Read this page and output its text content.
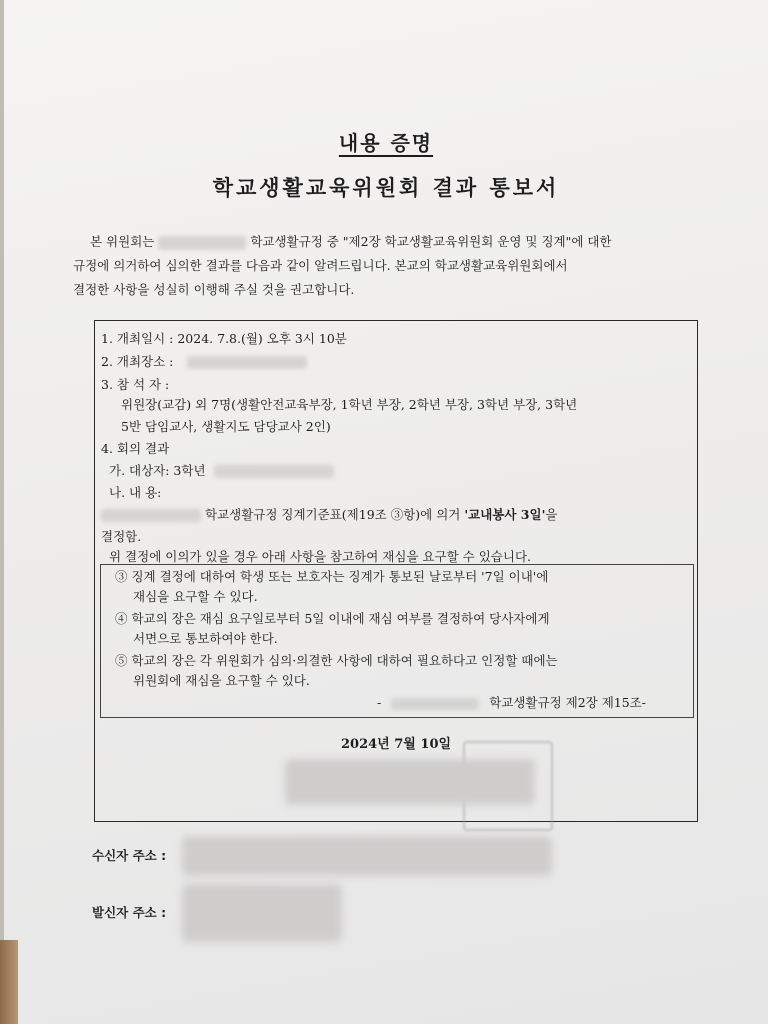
내용 증명
학교생활교육위원회 결과 통보서
본 위원회는	학교생활규정 중 "제2장 학교생활교육위원회 운영 및 징계"에 대한
규정에 의거하여 심의한 결과를 다음과 같이 알려드립니다. 본교의 학교생활교육위원회에서
결정한 사항을 성실히 이행해 주실 것을 권고합니다.
1. 개최일시 : 2024. 7.8.(월) 오후 3시 10분
2. 개최장소 :
3. 참 석 자 :
위원장(교감) 외 7명(생활안전교육부장, 1학년 부장, 2학년 부장, 3학년 부장, 3학년
5반 담임교사, 생활지도 담당교사 2인)
4. 회의 결과
가. 대상자: 3학년
나. 내 용:
학교생활규정 징계기준표(제19조 ③항)에 의거 '교내봉사 3일'을
결정함.
위 결정에 이의가 있을 경우 아래 사항을 참고하여 재심을 요구할 수 있습니다.
③ 징계 결정에 대하여 학생 또는 보호자는 징계가 통보된 날로부터 '7일 이내'에
재심을 요구할 수 있다.
④ 학교의 장은 재심 요구일로부터 5일 이내에 재심 여부를 결정하여 당사자에게
서면으로 통보하여야 한다.
⑤ 학교의 장은 각 위원회가 심의·의결한 사항에 대하여 필요하다고 인정할 때에는
위원회에 재심을 요구할 수 있다.
-	학교생활규정 제2장 제15조-
2024년 7월 10일
수신자 주소 :
발신자 주소 :
